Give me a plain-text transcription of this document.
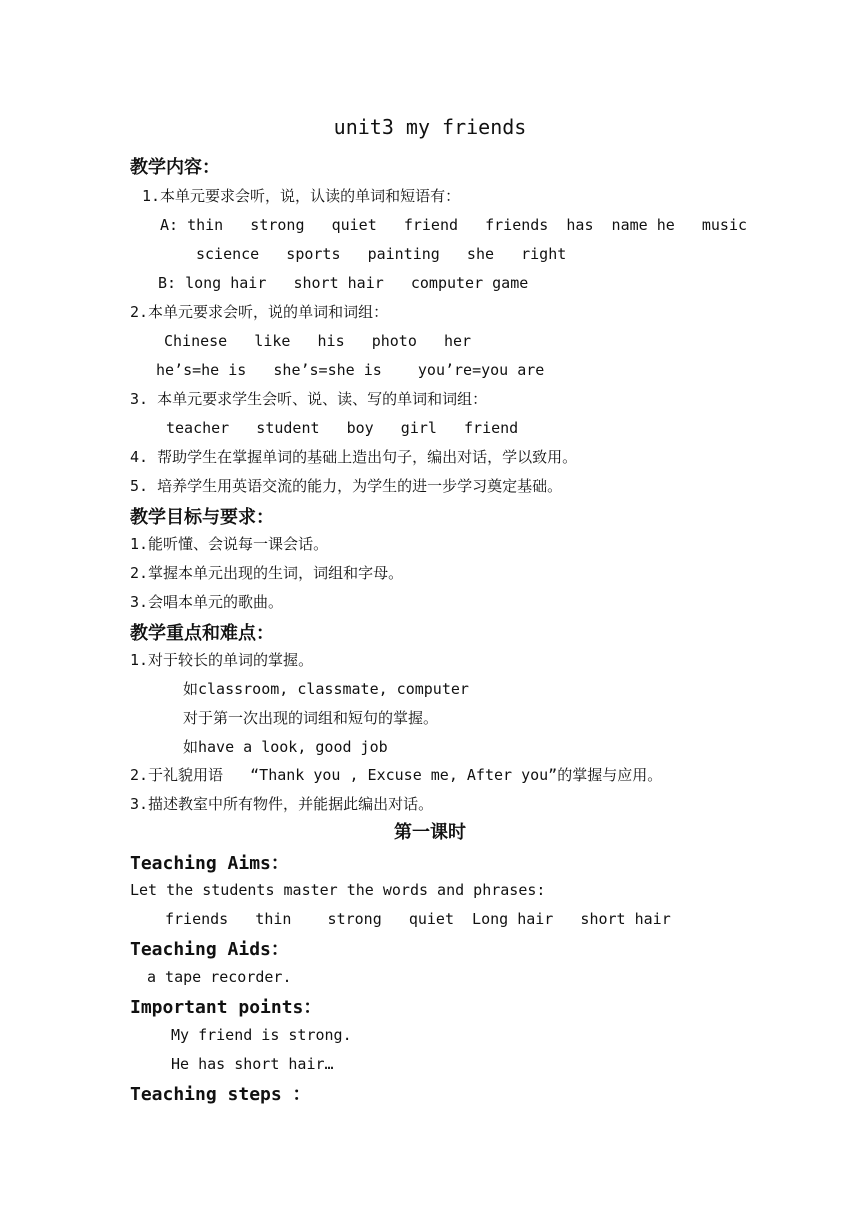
unit3 my friends
教学内容：
1.本单元要求会听，说，认读的单词和短语有：
A: thin   strong   quiet   friend   friends  has  name he   music
science   sports   painting   she   right
B: long hair   short hair   computer game
2.本单元要求会听，说的单词和词组：
Chinese   like   his   photo   her
he’s=he is   she’s=she is    you’re=you are
3. 本单元要求学生会听、说、读、写的单词和词组：
teacher   student   boy   girl   friend
4. 帮助学生在掌握单词的基础上造出句子，编出对话，学以致用。
5. 培养学生用英语交流的能力，为学生的进一步学习奠定基础。
教学目标与要求：
1.能听懂、会说每一课会话。
2.掌握本单元出现的生词，词组和字母。
3.会唱本单元的歌曲。
教学重点和难点：
1.对于较长的单词的掌握。
如classroom, classmate, computer
对于第一次出现的词组和短句的掌握。
如have a look, good job
2.于礼貌用语   “Thank you , Excuse me, After you”的掌握与应用。
3.描述教室中所有物件，并能据此编出对话。
第一课时
Teaching Aims：
Let the students master the words and phrases:
friends   thin    strong   quiet  Long hair   short hair
Teaching Aids：
a tape recorder.
Important points：
My friend is strong.
He has short hair…
Teaching steps ：
